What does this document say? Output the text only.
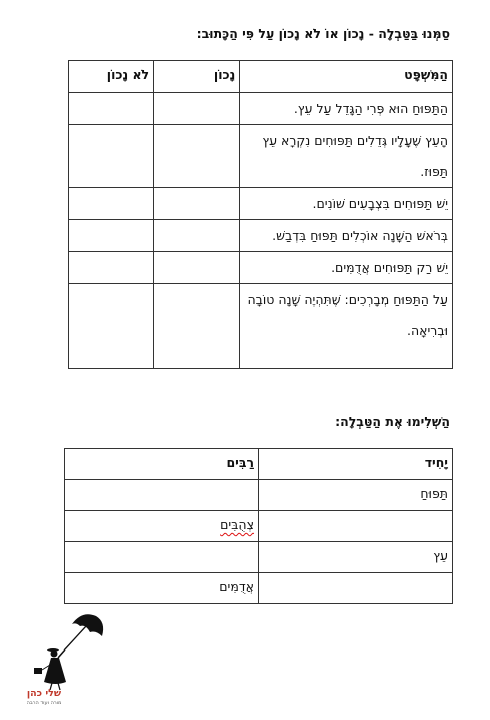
סַמְּנוּ בַּטַּבְלָה - נָכוֹן אוֹ לֹא נָכוֹן עַל פִּי הַכָּתוּב:
הַמִּשְׁפָּט	נָכוֹן	לֹא נָכוֹן
הַתַּפּוּחַ הוּא פְּרִי הַגָּדֵל עַל עֵץ.		
הָעֵץ שֶׁעָלָיו גְּדֵלִים תַּפּוּחִים נִקְרָא עֵץ תַּפּוּז.		
יֵשׁ תַּפּוּחִים בִּצְבָעִים שׁוֹנִים.		
בְּרֹאשׁ הַשָּׁנָה אוֹכְלִים תַּפּוּחַ בִּדְבַשׁ.		
יֵשׁ רַק תַּפּוּחִים אֲדֻמִּים.		
עַל הַתַּפּוּחַ מְבָרְכִים: שֶׁתִּהְיֶה שָׁנָה טוֹבָה וּבְרִיאָה.		
הַשְׁלִימוּ אֶת הַטַּבְלָה:
יָחִיד	רַבִּים
תַּפּוּחַ	
	צְהֻבִּים
עֵץ	
	אֲדֻמִּים
שלי כהן
מורה ועוד הרבה
